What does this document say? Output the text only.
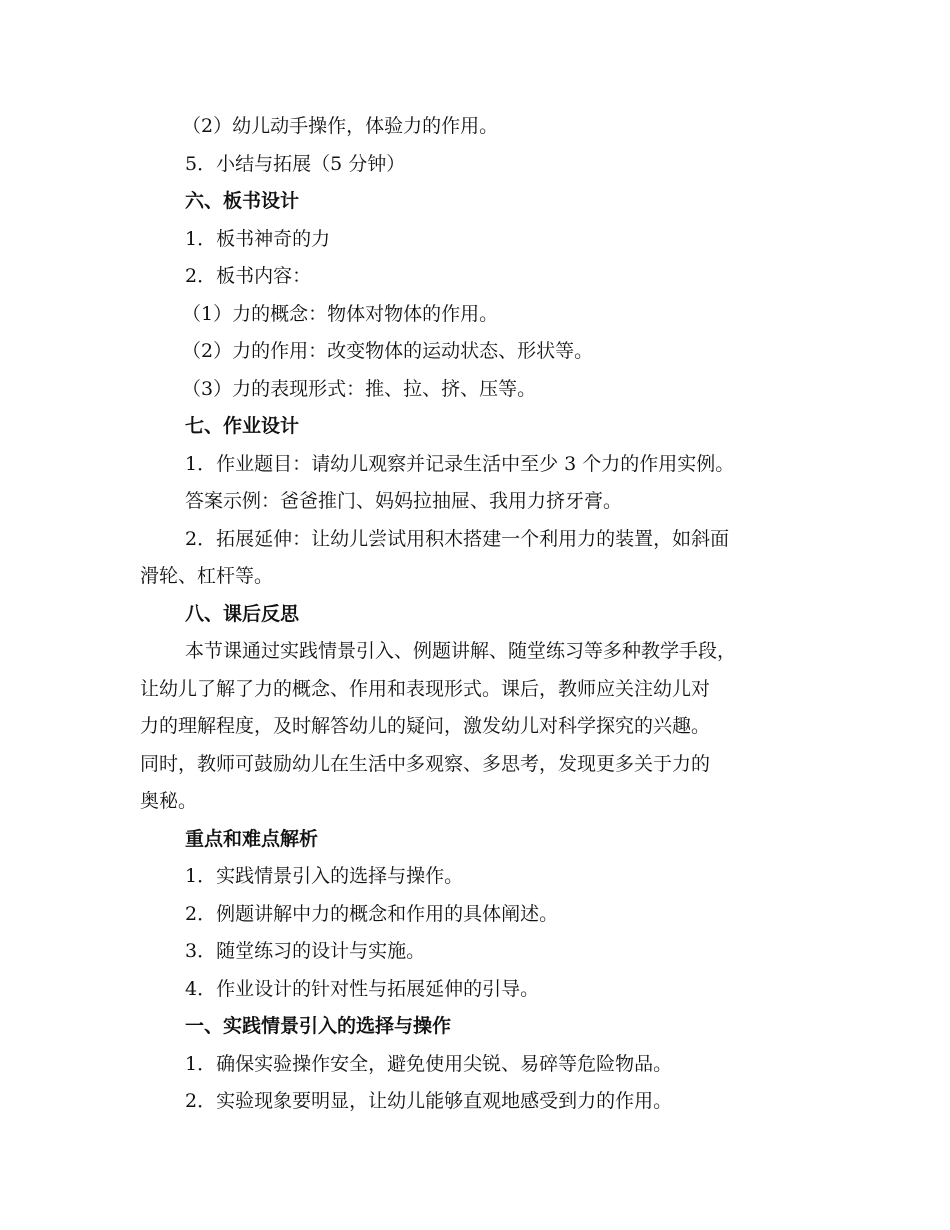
（2）幼儿动手操作，体验力的作用。

5．小结与拓展（5 分钟）

六、板书设计

1．板书神奇的力

2．板书内容：

（1）力的概念：物体对物体的作用。

（2）力的作用：改变物体的运动状态、形状等。

（3）力的表现形式：推、拉、挤、压等。

七、作业设计

1．作业题目：请幼儿观察并记录生活中至少 3 个力的作用实例。

答案示例：爸爸推门、妈妈拉抽屉、我用力挤牙膏。

2．拓展延伸：让幼儿尝试用积木搭建一个利用力的装置，如斜面

滑轮、杠杆等。

八、课后反思

本节课通过实践情景引入、例题讲解、随堂练习等多种教学手段，

让幼儿了解了力的概念、作用和表现形式。课后，教师应关注幼儿对

力的理解程度，及时解答幼儿的疑问，激发幼儿对科学探究的兴趣。

同时，教师可鼓励幼儿在生活中多观察、多思考，发现更多关于力的

奥秘。

重点和难点解析

1．实践情景引入的选择与操作。

2．例题讲解中力的概念和作用的具体阐述。

3．随堂练习的设计与实施。

4．作业设计的针对性与拓展延伸的引导。

一、实践情景引入的选择与操作

1．确保实验操作安全，避免使用尖锐、易碎等危险物品。

2．实验现象要明显，让幼儿能够直观地感受到力的作用。
